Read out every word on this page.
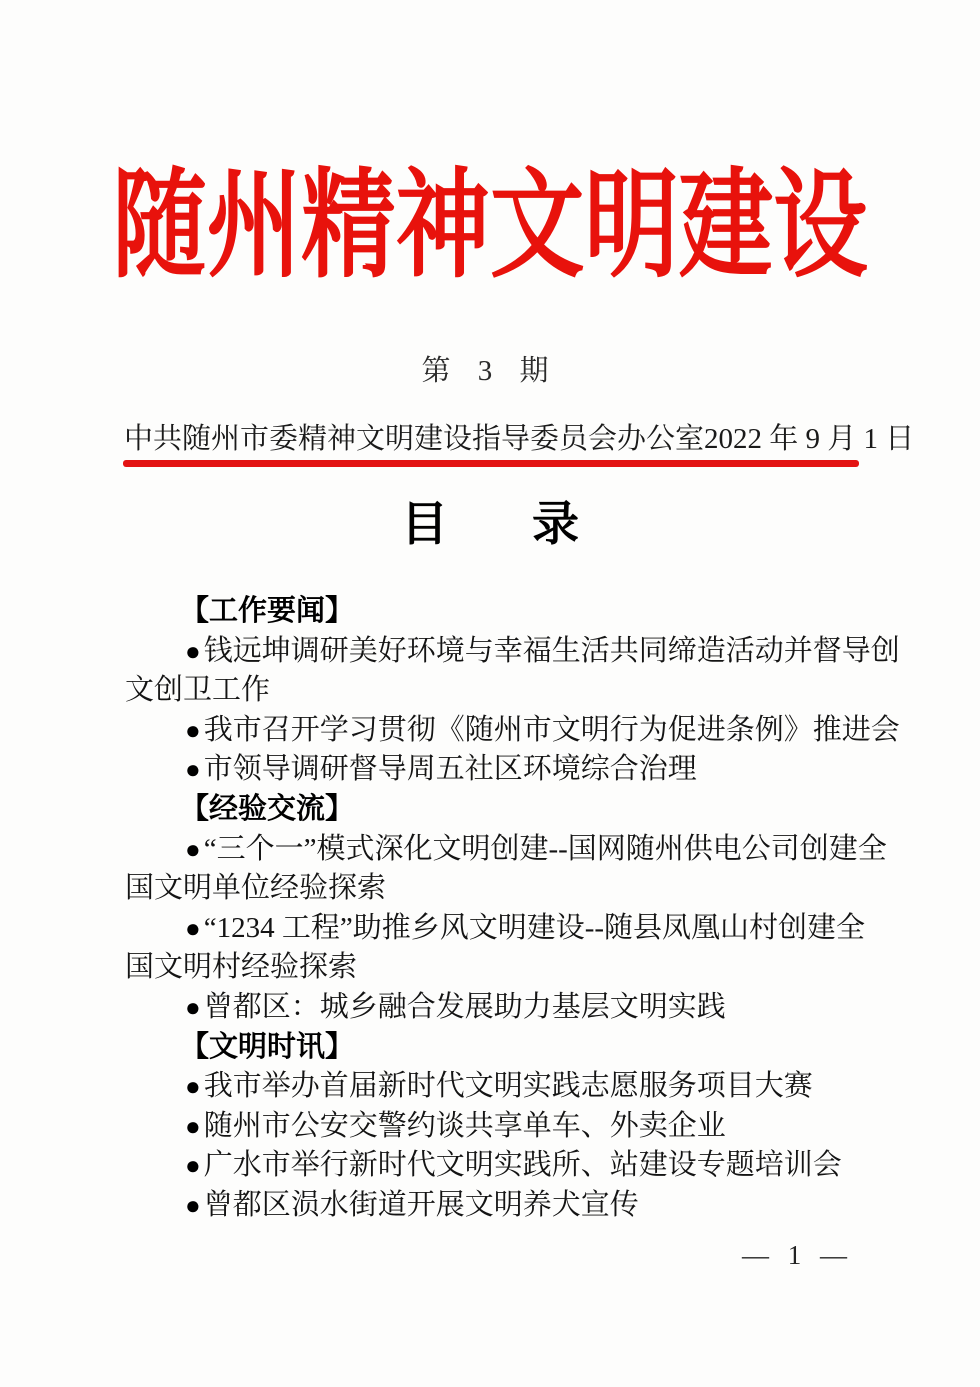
随州精神文明建设
第 3 期
中共随州市委精神文明建设指导委员会办公室 2022 年 9 月 1 日
目 录
【工作要闻】
● 钱远坤调研美好环境与幸福生活共同缔造活动并督导创
文创卫工作
● 我市召开学习贯彻《随州市文明行为促进条例》推进会
● 市领导调研督导周五社区环境综合治理
【经验交流】
● “三个一”模式深化文明创建--国网随州供电公司创建全
国文明单位经验探索
● “1234 工程”助推乡风文明建设--随县凤凰山村创建全
国文明村经验探索
● 曾都区：城乡融合发展助力基层文明实践
【文明时讯】
● 我市举办首届新时代文明实践志愿服务项目大赛
● 随州市公安交警约谈共享单车、外卖企业
● 广水市举行新时代文明实践所、站建设专题培训会
● 曾都区涢水街道开展文明养犬宣传
— 1 —
